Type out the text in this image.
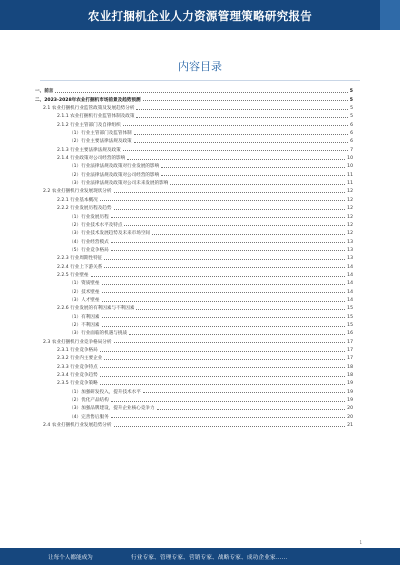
农业打捆机企业人力资源管理策略研究报告
内容目录
一、前言	5
二、2023-2028年农业打捆机市场前景及趋势预测	5
2.1 农业打捆机行业监管政策及发展趋势分析	5
2.1.1 农业打捆机行业监管体制及政策	5
2.1.2 行业主管部门及自律组织	6
（1）行业主管部门及监管体制	6
（2）行业主要法律法规及政策	6
2.1.3 行业主要法律法规及政策	7
2.1.4 行业政策对公司经营的影响	10
（1）行业法律法规及政策对行业发展的影响	10
（2）行业法律法规及政策对公司经营的影响	11
（3）行业法律法规及政策对公司未来发展的影响	11
2.2 农业打捆机行业发展现状分析	12
2.2.1 行业基本概况	12
2.2.2 行业发展历程及趋势	12
（1）行业发展历程	12
（2）行业技术水平及特点	12
（3）行业技术发展趋势及未来市场空间	12
（4）行业经营模式	13
（5）行业竞争格局	13
2.2.3 行业周期性特征	13
2.2.4 行业上下游关系	14
2.2.5 行业壁垒	14
（1）资质壁垒	14
（2）技术壁垒	14
（3）人才壁垒	14
2.2.6 行业发展的有利因素与不利因素	15
（1）有利因素	15
（2）不利因素	15
（3）行业面临的机遇与挑战	16
2.3 农业打捆机行业竞争格局分析	17
2.3.1 行业竞争格局	17
2.3.2 行业内主要企业	17
2.3.3 行业竞争特点	18
2.3.4 行业竞争趋势	18
2.3.5 行业竞争策略	19
（1）加强研发投入，提升技术水平	19
（2）优化产品结构	19
（3）加强品牌建设，提升企业核心竞争力	20
（4）完善售后服务	20
2.4 农业打捆机行业发展趋势分析	21
1
让每个人都能成为	行业专家、管理专家、营销专家、战略专家、成功企业家……
